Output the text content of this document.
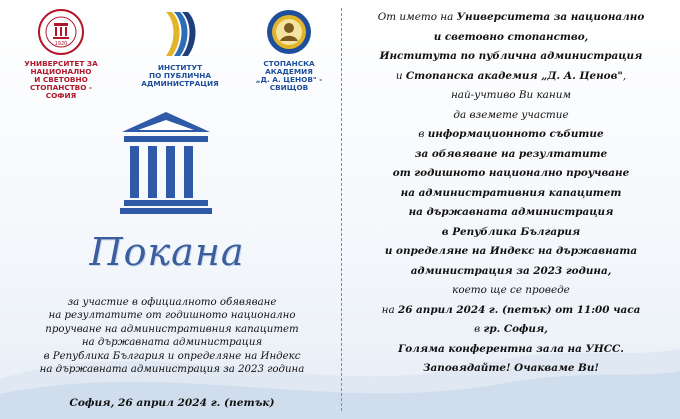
1920
УНИВЕРСИТЕТ ЗА НАЦИОНАЛНО
И СВЕТОВНО СТОПАНСТВО -
СОФИЯ
ИНСТИТУТ
ПО ПУБЛИЧНА
АДМИНИСТРАЦИЯ
СТОПАНСКА АКАДЕМИЯ
„Д. А. ЦЕНОВ" -
СВИЩОВ
Покана
за участие в официалното обявяване
на резултатите от годишното национално
проучване на административния капацитет
на държавната администрация
в Република България и определяне на Индекс
на държавната администрация за 2023 година
София, 26 април 2024 г. (петък)
От името на Университета за национално
и световно стопанство,
Института по публична администрация
и Стопанска академия „Д. А. Ценов",
най-учтиво Ви каним
да вземете участие
в информационното събитие
за обявяване на резултатите
от годишното национално проучване
на административния капацитет
на държавната администрация
в Република България
и определяне на Индекс на държавната
администрация за 2023 година,
което ще се проведе
на 26 април 2024 г. (петък) от 11:00 часа
в гр. София,
Голяма конферентна зала на УНСС.
Заповядайте! Очакваме Ви!
